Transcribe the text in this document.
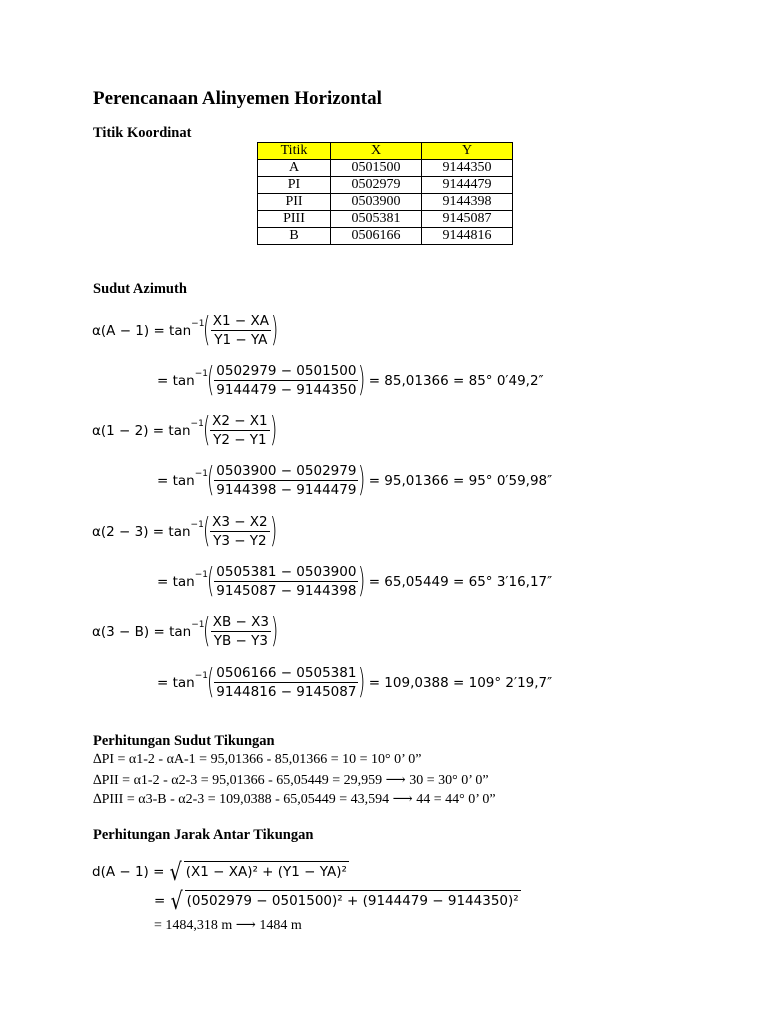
Perencanaan Alinyemen Horizontal
Titik Koordinat
Titik	X	Y
A	0501500	9144350
PI	0502979	9144479
PII	0503900	9144398
PIII	0505381	9145087
B	0506166	9144816
Sudut Azimuth
α(A − 1) = tan −1
( $\frac{X1 - XA}{Y1 - YA}$ )
= tan −1
( $\frac{0502979 - 0501500}{9144479 - 9144350}$ ) = 85,01366 = 85° 0′49,2″
α(1 − 2) = tan −1
( $\frac{X2 - X1}{Y2 - Y1}$ )
= tan −1
( $\frac{0503900 - 0502979}{9144398 - 9144479}$ ) = 95,01366 = 95° 0′59,98″
α(2 − 3) = tan −1
( $\frac{X3 - X2}{Y3 - Y2}$ )
= tan −1
( $\frac{0505381 - 0503900}{9145087 - 9144398}$ ) = 65,05449 = 65° 3′16,17″
α(3 − B) = tan −1
( $\frac{XB - X3}{YB - Y3}$ )
= tan −1
( $\frac{0506166 - 0505381}{9144816 - 9145087}$ ) = 109,0388 = 109° 2′19,7″
Perhitungan Sudut Tikungan
∆PI = α1-2 - αA-1 = 95,01366 - 85,01366 = 10 = 10° 0’ 0”
∆PII = α1-2 - α2-3 = 95,01366 - 65,05449 = 29,959 ⟶ 30 = 30° 0’ 0”
∆PIII = α3-B - α2-3 = 109,0388 - 65,05449 = 43,594 ⟶ 44 = 44° 0’ 0”
Perhitungan Jarak Antar Tikungan
d(A − 1) = √ (X1 − XA)² + (Y1 − YA)²
= √ (0502979 − 0501500)² + (9144479 − 9144350)²
= 1484,318 m ⟶ 1484 m
